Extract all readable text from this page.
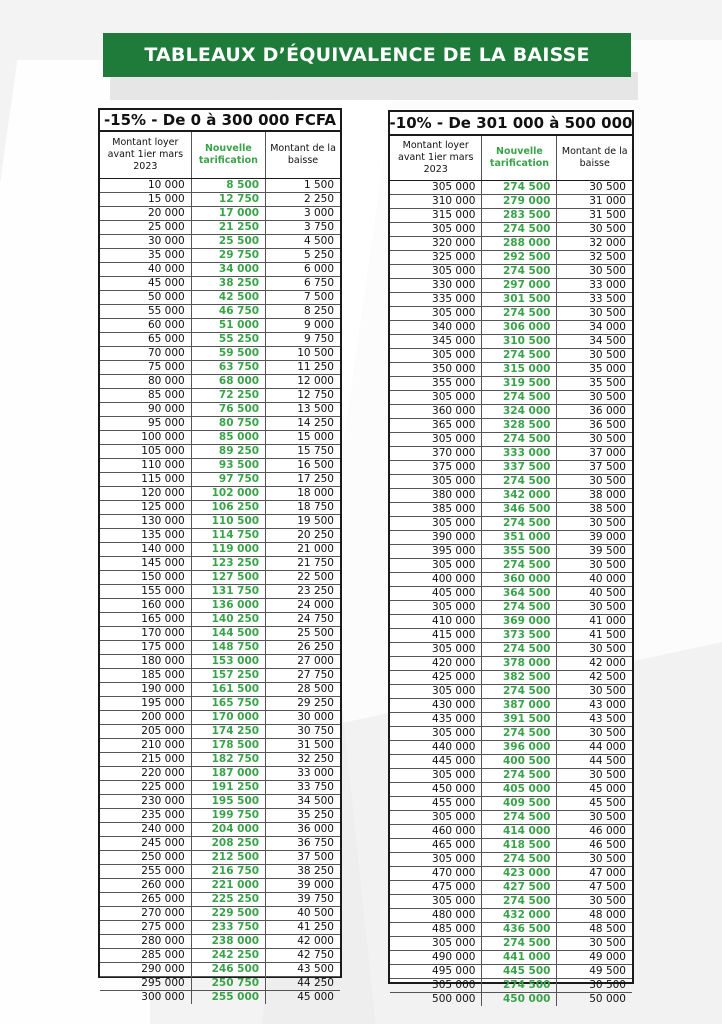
TABLEAUX D’ÉQUIVALENCE DE LA BAISSE
-15% - De 0 à 300 000 FCFA
Montant loyer avant 1ier mars 2023	Nouvelle tarification	Montant de la baisse
10 000	8 500	1 500
15 000	12 750	2 250
20 000	17 000	3 000
25 000	21 250	3 750
30 000	25 500	4 500
35 000	29 750	5 250
40 000	34 000	6 000
45 000	38 250	6 750
50 000	42 500	7 500
55 000	46 750	8 250
60 000	51 000	9 000
65 000	55 250	9 750
70 000	59 500	10 500
75 000	63 750	11 250
80 000	68 000	12 000
85 000	72 250	12 750
90 000	76 500	13 500
95 000	80 750	14 250
100 000	85 000	15 000
105 000	89 250	15 750
110 000	93 500	16 500
115 000	97 750	17 250
120 000	102 000	18 000
125 000	106 250	18 750
130 000	110 500	19 500
135 000	114 750	20 250
140 000	119 000	21 000
145 000	123 250	21 750
150 000	127 500	22 500
155 000	131 750	23 250
160 000	136 000	24 000
165 000	140 250	24 750
170 000	144 500	25 500
175 000	148 750	26 250
180 000	153 000	27 000
185 000	157 250	27 750
190 000	161 500	28 500
195 000	165 750	29 250
200 000	170 000	30 000
205 000	174 250	30 750
210 000	178 500	31 500
215 000	182 750	32 250
220 000	187 000	33 000
225 000	191 250	33 750
230 000	195 500	34 500
235 000	199 750	35 250
240 000	204 000	36 000
245 000	208 250	36 750
250 000	212 500	37 500
255 000	216 750	38 250
260 000	221 000	39 000
265 000	225 250	39 750
270 000	229 500	40 500
275 000	233 750	41 250
280 000	238 000	42 000
285 000	242 250	42 750
290 000	246 500	43 500
295 000	250 750	44 250
300 000	255 000	45 000
-10% - De 301 000 à 500 000
Montant loyer avant 1ier mars 2023	Nouvelle tarification	Montant de la baisse
305 000	274 500	30 500
310 000	279 000	31 000
315 000	283 500	31 500
305 000	274 500	30 500
320 000	288 000	32 000
325 000	292 500	32 500
305 000	274 500	30 500
330 000	297 000	33 000
335 000	301 500	33 500
305 000	274 500	30 500
340 000	306 000	34 000
345 000	310 500	34 500
305 000	274 500	30 500
350 000	315 000	35 000
355 000	319 500	35 500
305 000	274 500	30 500
360 000	324 000	36 000
365 000	328 500	36 500
305 000	274 500	30 500
370 000	333 000	37 000
375 000	337 500	37 500
305 000	274 500	30 500
380 000	342 000	38 000
385 000	346 500	38 500
305 000	274 500	30 500
390 000	351 000	39 000
395 000	355 500	39 500
305 000	274 500	30 500
400 000	360 000	40 000
405 000	364 500	40 500
305 000	274 500	30 500
410 000	369 000	41 000
415 000	373 500	41 500
305 000	274 500	30 500
420 000	378 000	42 000
425 000	382 500	42 500
305 000	274 500	30 500
430 000	387 000	43 000
435 000	391 500	43 500
305 000	274 500	30 500
440 000	396 000	44 000
445 000	400 500	44 500
305 000	274 500	30 500
450 000	405 000	45 000
455 000	409 500	45 500
305 000	274 500	30 500
460 000	414 000	46 000
465 000	418 500	46 500
305 000	274 500	30 500
470 000	423 000	47 000
475 000	427 500	47 500
305 000	274 500	30 500
480 000	432 000	48 000
485 000	436 500	48 500
305 000	274 500	30 500
490 000	441 000	49 000
495 000	445 500	49 500
305 000	274 500	30 500
500 000	450 000	50 000
